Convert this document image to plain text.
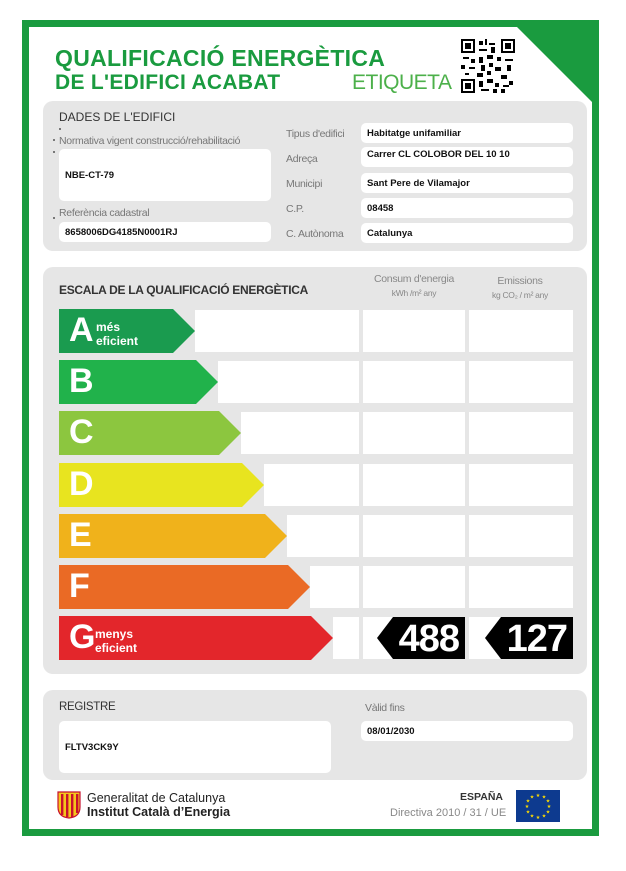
QUALIFICACIÓ ENERGÈTICA
DE L'EDIFICI ACABAT	ETIQUETA
DADES DE L'EDIFICI
Normativa vigent construcció/rehabilitació
NBE-CT-79
Referència cadastral
8658006DG4185N0001RJ
Tipus d'edifici	Habitatge unifamiliar
Adreça	Carrer CL COLOBOR DEL 10 10
Municipi	Sant Pere de Vilamajor
C.P.	08458
C. Autònoma	Catalunya
ESCALA DE LA QUALIFICACIÓ ENERGÈTICA
Consum d'energia
kWh /m² any
Emissions
kg CO₂ / m² any
A més eficient
B
C
D
E
F
G menys eficient	488 127
REGISTRE
FLTV3CK9Y
Vàlid fins
08/01/2030
Generalitat de Catalunya
Institut Català d’Energia
ESPAÑA
Directiva 2010 / 31 / UE
★ ★
★
★
★
★
★
★
★
★
★
★
